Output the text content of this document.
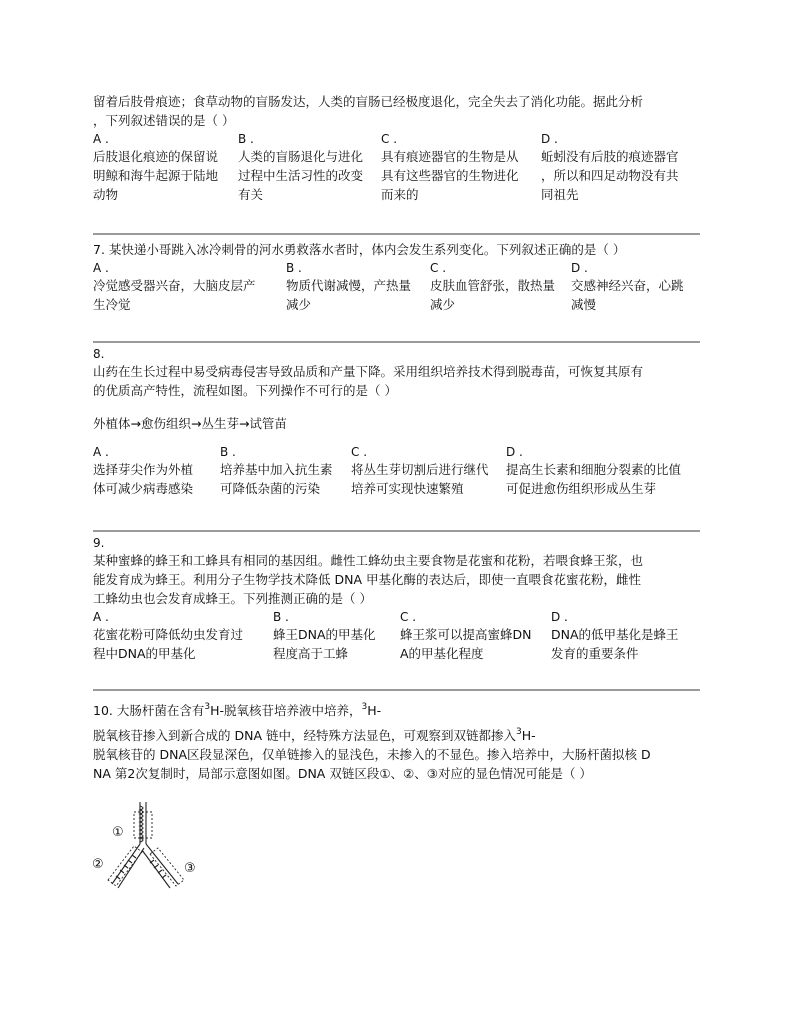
留着后肢骨痕迹；食草动物的盲肠发达，人类的盲肠已经极度退化，完全失去了消化功能。据此分析

，下列叙述错误的是（ ）

A .
后肢退化痕迹的保留说
明鲸和海牛起源于陆地
动物
B .
人类的盲肠退化与进化
过程中生活习性的改变
有关
C .
具有痕迹器官的生物是从
具有这些器官的生物进化
而来的
D .
蚯蚓没有后肢的痕迹器官
，所以和四足动物没有共
同祖先

7. 某快递小哥跳入冰冷刺骨的河水勇救落水者时，体内会发生系列变化。下列叙述正确的是（ ）

A .
冷觉感受器兴奋，大脑皮层产
生冷觉
B .
物质代谢减慢，产热量
减少
C .
皮肤血管舒张，散热量
减少
D .
交感神经兴奋，心跳
减慢
8.

山药在生长过程中易受病毒侵害导致品质和产量下降。采用组织培养技术得到脱毒苗，可恢复其原有

的优质高产特性，流程如图。下列操作不可行的是（ ）

外植体→愈伤组织→丛生芽→试管苗

A .
选择芽尖作为外植
体可减少病毒感染
B .
培养基中加入抗生素
可降低杂菌的污染
C .
将丛生芽切割后进行继代
培养可实现快速繁殖
D .
提高生长素和细胞分裂素的比值
可促进愈伤组织形成丛生芽
9.

某种蜜蜂的蜂王和工蜂具有相同的基因组。雌性工蜂幼虫主要食物是花蜜和花粉，若喂食蜂王浆，也

能发育成为蜂王。利用分子生物学技术降低 DNA 甲基化酶的表达后，即使一直喂食花蜜花粉，雌性

工蜂幼虫也会发育成蜂王。下列推测正确的是（ ）

A .
花蜜花粉可降低幼虫发育过
程中DNA的甲基化
B .
蜂王DNA的甲基化
程度高于工蜂
C .
蜂王浆可以提高蜜蜂DN
A的甲基化程度
D .
DNA的低甲基化是蜂王
发育的重要条件

10. 大肠杆菌在含有$^3$H-脱氧核苷培养液中培养，$^3$H-

脱氧核苷掺入到新合成的 DNA 链中，经特殊方法显色，可观察到双链都掺入$^3$H-

脱氧核苷的 DNA区段显深色，仅单链掺入的显浅色，未掺入的不显色。掺入培养中，大肠杆菌拟核 D

NA 第2次复制时，局部示意图如图。DNA 双链区段①、②、③对应的显色情况可能是（ ）

①
②	③
